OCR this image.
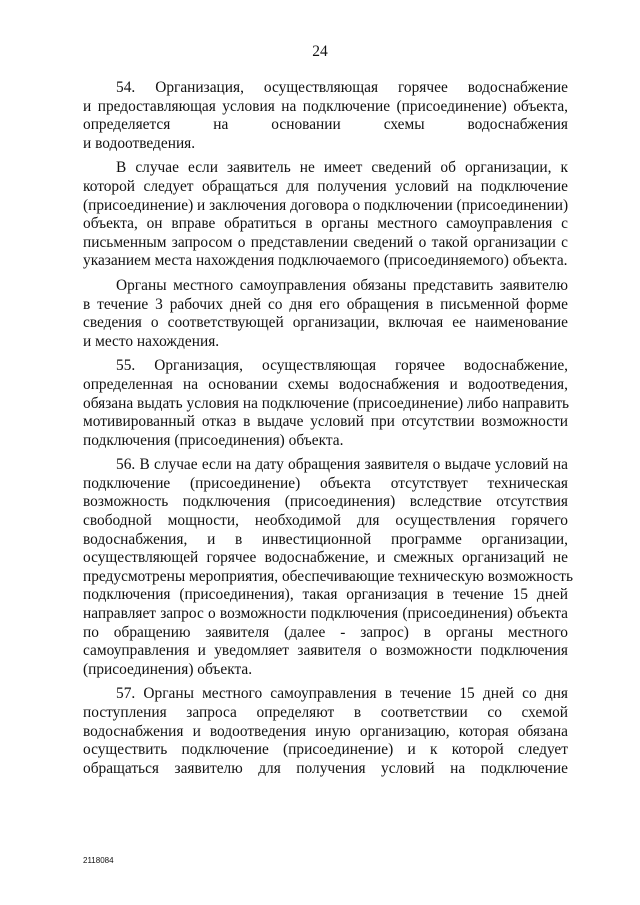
24
54. Организация, осуществляющая горячее водоснабжение
и предоставляющая условия на подключение (присоединение) объекта,
определяется на основании схемы водоснабжения
и водоотведения.
В случае если заявитель не имеет сведений об организации, к
которой следует обращаться для получения условий на подключение
(присоединение) и заключения договора о подключении (присоединении)
объекта, он вправе обратиться в органы местного самоуправления с
письменным запросом о представлении сведений о такой организации с
указанием места нахождения подключаемого (присоединяемого) объекта.
Органы местного самоуправления обязаны представить заявителю
в течение 3 рабочих дней со дня его обращения в письменной форме
сведения о соответствующей организации, включая ее наименование
и место нахождения.
55. Организация, осуществляющая горячее водоснабжение,
определенная на основании схемы водоснабжения и водоотведения,
обязана выдать условия на подключение (присоединение) либо направить
мотивированный отказ в выдаче условий при отсутствии возможности
подключения (присоединения) объекта.
56. В случае если на дату обращения заявителя о выдаче условий на
подключение (присоединение) объекта отсутствует техническая
возможность подключения (присоединения) вследствие отсутствия
свободной мощности, необходимой для осуществления горячего
водоснабжения, и в инвестиционной программе организации,
осуществляющей горячее водоснабжение, и смежных организаций не
предусмотрены мероприятия, обеспечивающие техническую возможность
подключения (присоединения), такая организация в течение 15 дней
направляет запрос о возможности подключения (присоединения) объекта
по обращению заявителя (далее - запрос) в органы местного
самоуправления и уведомляет заявителя о возможности подключения
(присоединения) объекта.
57. Органы местного самоуправления в течение 15 дней со дня
поступления запроса определяют в соответствии со схемой
водоснабжения и водоотведения иную организацию, которая обязана
осуществить подключение (присоединение) и к которой следует
обращаться заявителю для получения условий на подключение
2118084
